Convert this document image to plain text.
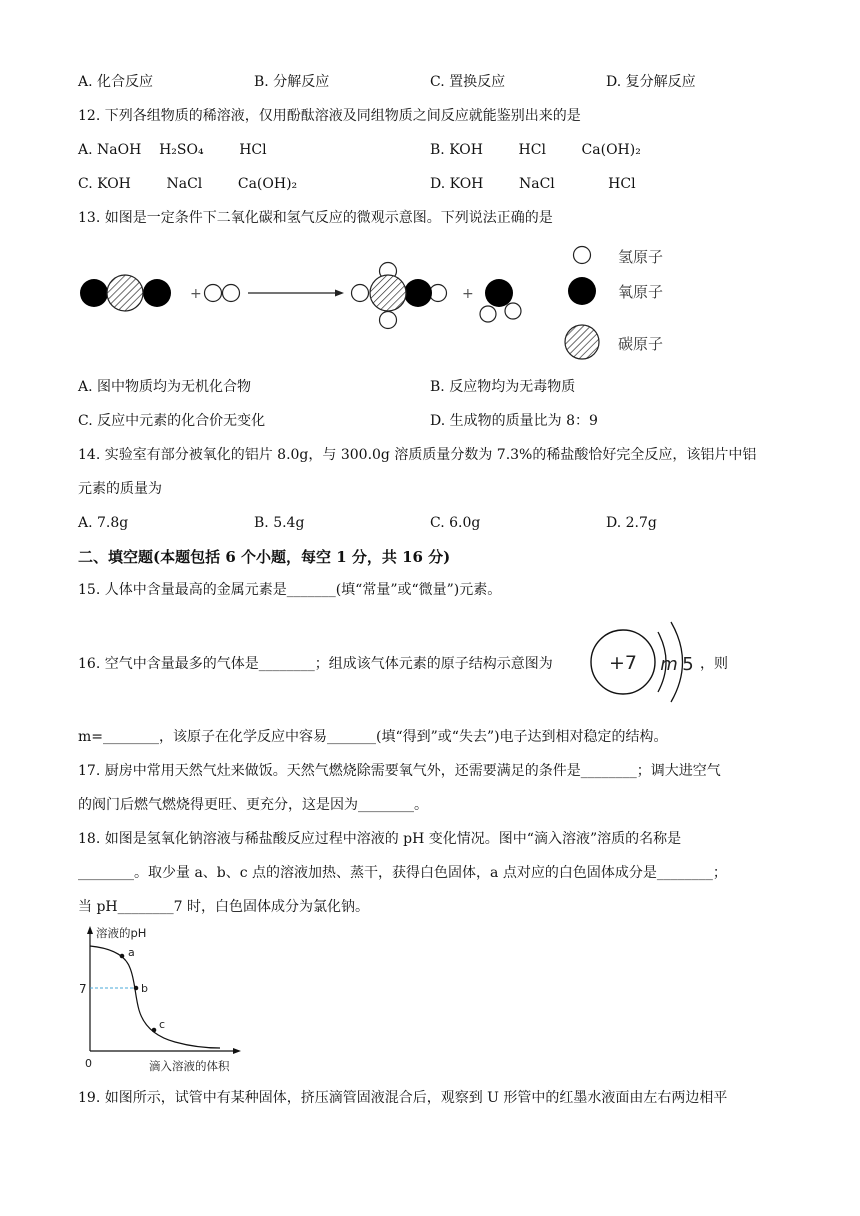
A. 化合反应	B. 分解反应	C. 置换反应	D. 复分解反应
12. 下列各组物质的稀溶液，仅用酚酞溶液及同组物质之间反应就能鉴别出来的是
A. NaOH    H₂SO₄        HCl	B. KOH        HCl        Ca(OH)₂
C. KOH        NaCl        Ca(OH)₂	D. KOH        NaCl            HCl
13. 如图是一定条件下二氧化碳和氢气反应的微观示意图。下列说法正确的是
+	+
氢原子
氧原子
碳原子
A. 图中物质均为无机化合物	B. 反应物均为无毒物质
C. 反应中元素的化合价无变化	D. 生成物的质量比为 8：9
14. 实验室有部分被氧化的铝片 8.0g，与 300.0g 溶质质量分数为 7.3%的稀盐酸恰好完全反应，该铝片中铝
元素的质量为
A. 7.8g	B. 5.4g	C. 6.0g	D. 2.7g
二、填空题(本题包括 6 个小题，每空 1 分，共 16 分)
15. 人体中含量最高的金属元素是_______(填“常量”或“微量”)元素。
16. 空气中含量最多的气体是________；组成该气体元素的原子结构示意图为	+7 m 5 ，则
m=________，该原子在化学反应中容易_______(填“得到”或“失去”)电子达到相对稳定的结构。
17. 厨房中常用天然气灶来做饭。天然气燃烧除需要氧气外，还需要满足的条件是________；调大进空气
的阀门后燃气燃烧得更旺、更充分，这是因为________。
18. 如图是氢氧化钠溶液与稀盐酸反应过程中溶液的 pH 变化情况。图中“滴入溶液”溶质的名称是
________。取少量 a、b、c 点的溶液加热、蒸干，获得白色固体，a 点对应的白色固体成分是________；
当 pH________7 时，白色固体成分为氯化钠。
溶液的pH
滴入溶液的体积
0
7
a
b
c
19. 如图所示，试管中有某种固体，挤压滴管固液混合后，观察到 U 形管中的红墨水液面由左右两边相平
